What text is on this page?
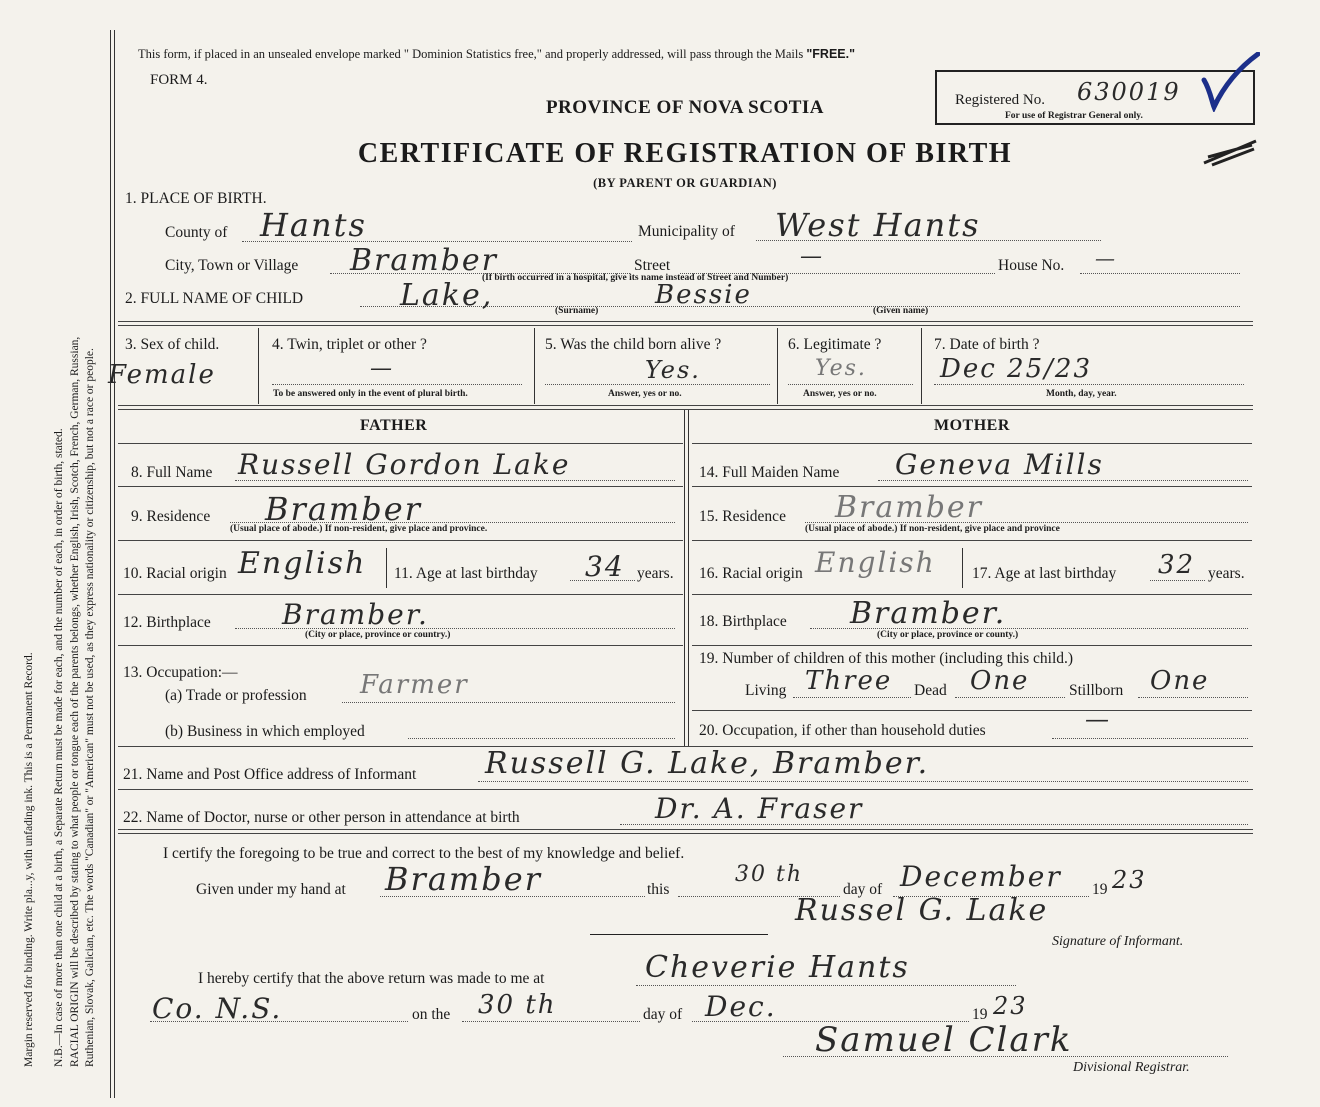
Margin reserved for binding. Write pla...y, with unfading ink. This is a Permanent Record. N.B.—In case of more than one child at a birth, a Separate Return must be made for each, and the number of each, in order of birth, stated. RACIAL ORIGIN will be described by stating to what people or tongue each of the parents belongs, whether English, Irish, Scotch, French, German, Russian, Ruthenian, Slovak, Galician, etc. The words "Canadian" or "American" must not be used, as they express nationality or citizenship, but not a race or people.
This form, if placed in an unsealed envelope marked " Dominion Statistics free," and properly addressed, will pass through the Mails "FREE."
FORM 4.
PROVINCE OF NOVA SCOTIA
CERTIFICATE OF REGISTRATION OF BIRTH
(BY PARENT OR GUARDIAN)
Registered No. 630019
For use of Registrar General only.
1. PLACE OF BIRTH.
County of Hants	Municipality of West Hants
City, Town or Village Bramber	Street	—	House No. —
(If birth occurred in a hospital, give its name instead of Street and Number)
2. FULL NAME OF CHILD	Lake,	Bessie
(Surname)	(Given name)
3. Sex of child.
Female
4. Twin, triplet or other ?
—
To be answered only in the event of plural birth.
5. Was the child born alive ?
Yes.
Answer, yes or no.
6. Legitimate ?
Yes.
Answer, yes or no.
7. Date of birth ?
Dec 25/23
Month, day, year.
FATHER	MOTHER
8. Full Name Russell Gordon Lake
9. Residence Bramber
(Usual place of abode.) If non-resident, give place and province.
10. Racial origin English 11. Age at last birthday 34 years.
12. Birthplace	Bramber.
(City or place, province or country.)
13. Occupation:—
(a) Trade or profession Farmer
(b) Business in which employed
14. Full Maiden Name Geneva Mills
15. Residence Bramber
(Usual place of abode.) If non-resident, give place and province
16. Racial origin English 17. Age at last birthday 32 years.
18. Birthplace Bramber.
(City or place, province or county.)
19. Number of children of this mother (including this child.)
Living Three Dead One	Stillborn One
20. Occupation, if other than household duties	—
21. Name and Post Office address of Informant Russell G. Lake, Bramber.
22. Name of Doctor, nurse or other person in attendance at birth	Dr. A. Fraser
I certify the foregoing to be true and correct to the best of my knowledge and belief.
Given under my hand at Bramber	this
30 th
day of December 19 23
Russel G. Lake
Signature of Informant.
I hereby certify that the above return was made to me at	Cheverie Hants
Co. N.S.	on the 30 th	day of Dec.	19 23
Samuel Clark
Divisional Registrar.
